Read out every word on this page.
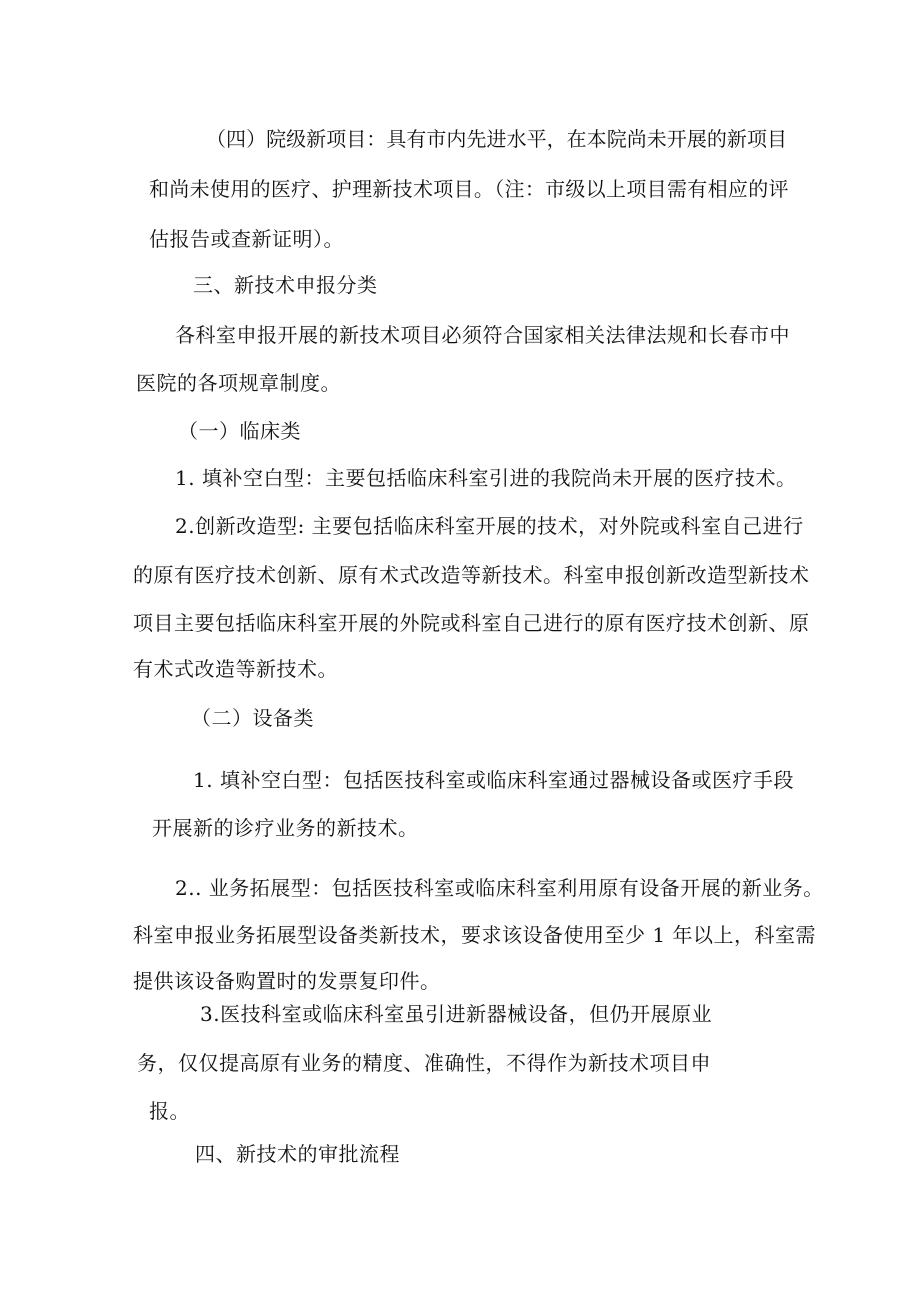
（四）院级新项目：具有市内先进水平，在本院尚未开展的新项目
和尚未使用的医疗、护理新技术项目。（注：市级以上项目需有相应的评
估报告或查新证明）。
三、新技术申报分类
各科室申报开展的新技术项目必须符合国家相关法律法规和长春市中
医院的各项规章制度。
（一）临床类
1. 填补空白型：主要包括临床科室引进的我院尚未开展的医疗技术。
2.创新改造型: 主要包括临床科室开展的技术，对外院或科室自己进行
的原有医疗技术创新、原有术式改造等新技术。科室申报创新改造型新技术
项目主要包括临床科室开展的外院或科室自己进行的原有医疗技术创新、原
有术式改造等新技术。
（二）设备类
1. 填补空白型：包括医技科室或临床科室通过器械设备或医疗手段
开展新的诊疗业务的新技术。
2.. 业务拓展型：包括医技科室或临床科室利用原有设备开展的新业务。
科室申报业务拓展型设备类新技术，要求该设备使用至少 1 年以上，科室需
提供该设备购置时的发票复印件。
3.医技科室或临床科室虽引进新器械设备，但仍开展原业
务，仅仅提高原有业务的精度、准确性，不得作为新技术项目申
报。
四、新技术的审批流程
